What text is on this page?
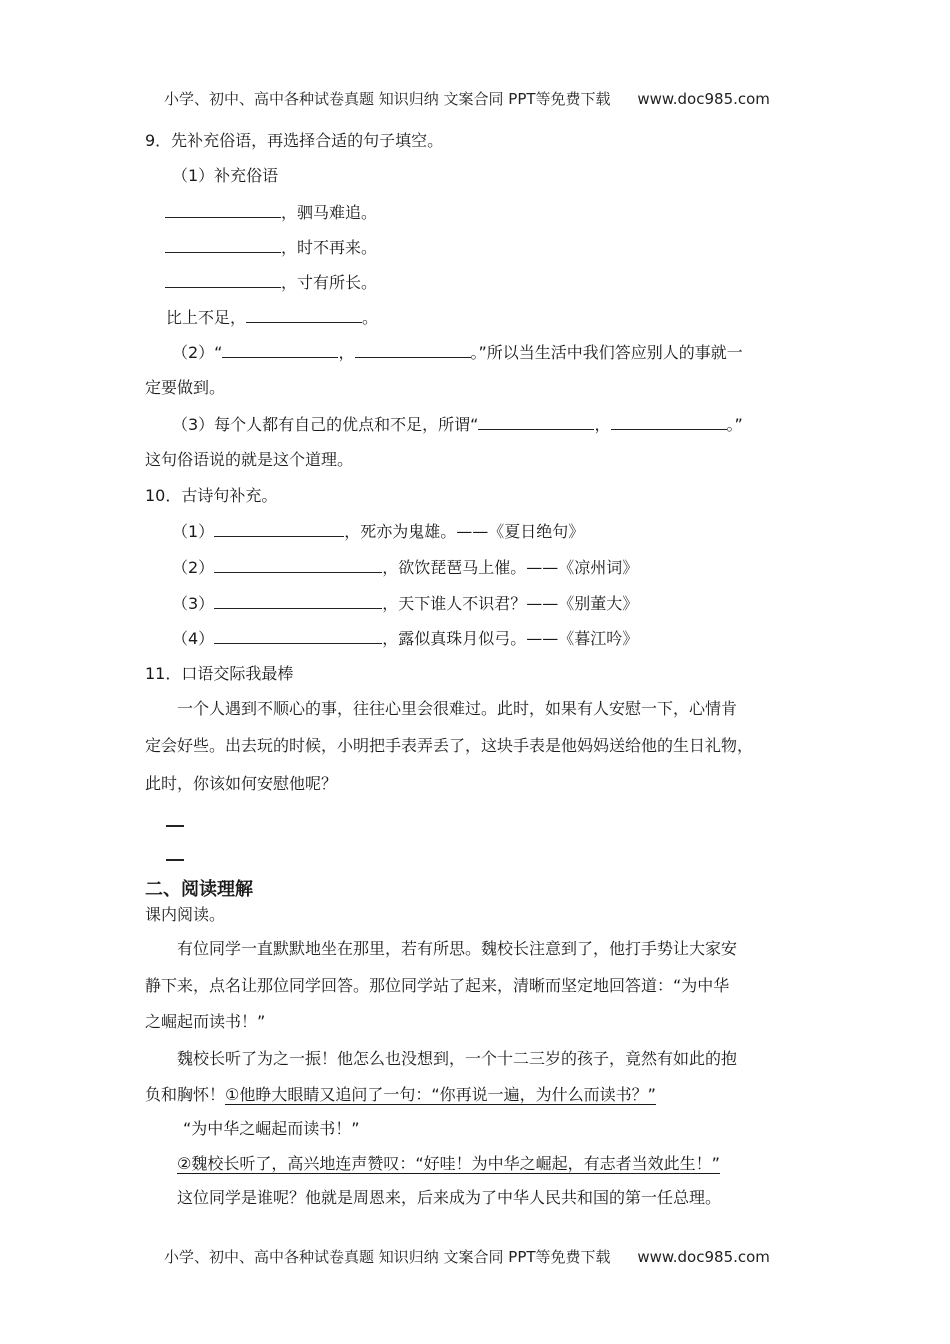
小学、初中、高中各种试卷真题 知识归纳 文案合同 PPT等免费下载 www.doc985.com
9．先补充俗语，再选择合适的句子填空。
（1）补充俗语
，驷马难追。
，时不再来。
，寸有所长。
比上不足，	。
（2）“	，	。”所以当生活中我们答应别人的事就一
定要做到。
（3）每个人都有自己的优点和不足，所谓“	，	。”
这句俗语说的就是这个道理。
10．古诗句补充。
（1）	，死亦为鬼雄。——《夏日绝句》
（2）	，欲饮琵琶马上催。——《凉州词》
（3）	，天下谁人不识君？——《别董大》
（4）	，露似真珠月似弓。——《暮江吟》
11．口语交际我最棒
一个人遇到不顺心的事，往往心里会很难过。此时，如果有人安慰一下，心情肯
定会好些。出去玩的时候，小明把手表弄丢了，这块手表是他妈妈送给他的生日礼物，
此时，你该如何安慰他呢？
二、阅读理解
课内阅读。
有位同学一直默默地坐在那里，若有所思。魏校长注意到了，他打手势让大家安
静下来，点名让那位同学回答。那位同学站了起来，清晰而坚定地回答道：“为中华
之崛起而读书！”
魏校长听了为之一振！他怎么也没想到，一个十二三岁的孩子，竟然有如此的抱
负和胸怀！①他睁大眼睛又追问了一句：“你再说一遍，为什么而读书？”
“为中华之崛起而读书！”
②魏校长听了，高兴地连声赞叹：“好哇！为中华之崛起，有志者当效此生！”
这位同学是谁呢？他就是周恩来，后来成为了中华人民共和国的第一任总理。
小学、初中、高中各种试卷真题 知识归纳 文案合同 PPT等免费下载 www.doc985.com
